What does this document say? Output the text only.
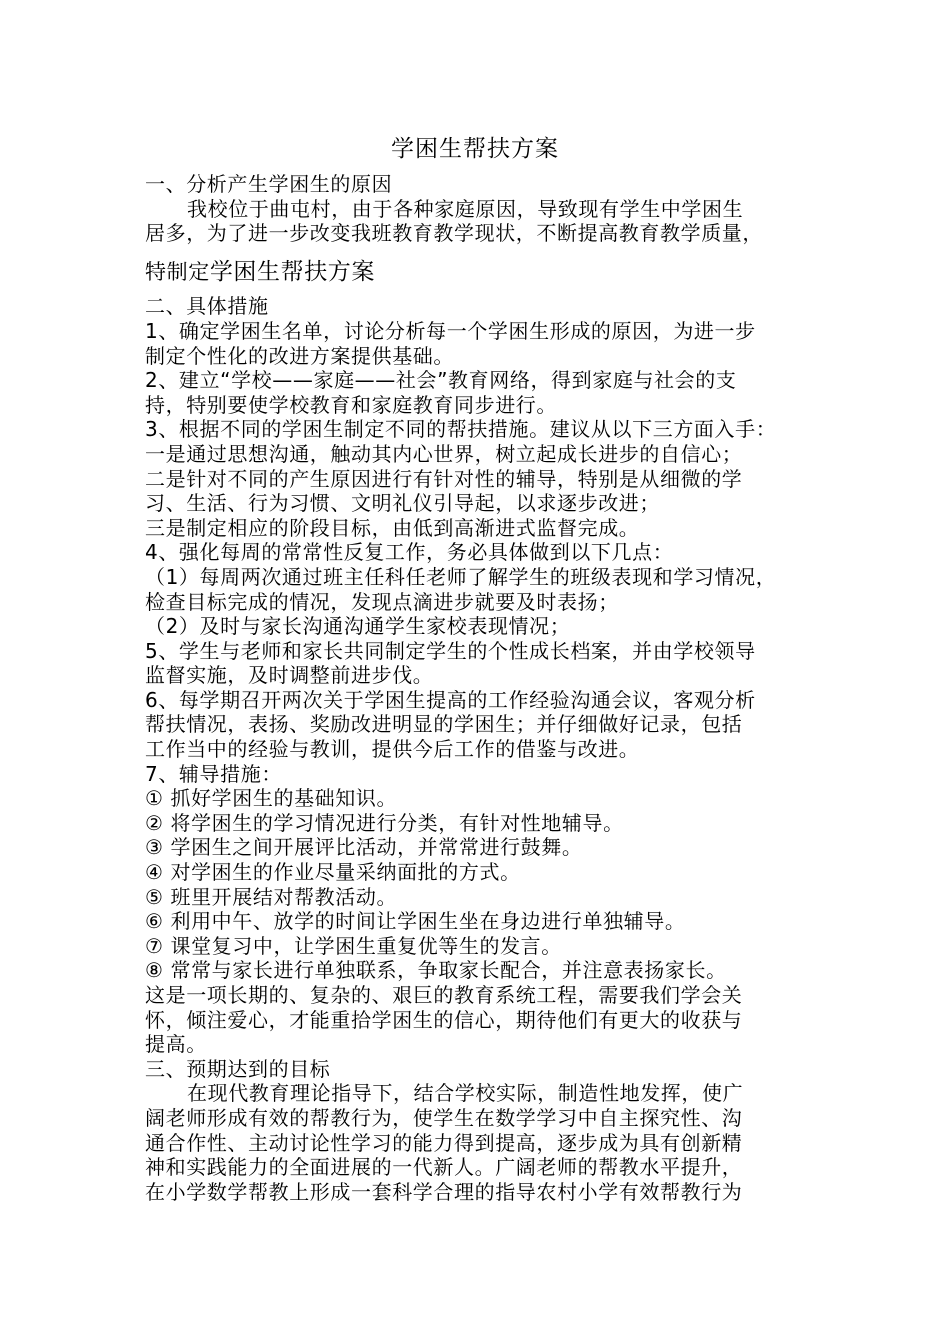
学困生帮扶方案
一、分析产生学困生的原因
我校位于曲屯村，由于各种家庭原因，导致现有学生中学困生
居多，为了进一步改变我班教育教学现状，不断提高教育教学质量，
特制定学困生帮扶方案
二、具体措施
1、确定学困生名单，讨论分析每一个学困生形成的原因，为进一步
制定个性化的改进方案提供基础。
2、建立“学校——家庭——社会”教育网络，得到家庭与社会的支
持，特别要使学校教育和家庭教育同步进行。
3、根据不同的学困生制定不同的帮扶措施。建议从以下三方面入手：
一是通过思想沟通，触动其内心世界，树立起成长进步的自信心；
二是针对不同的产生原因进行有针对性的辅导，特别是从细微的学
习、生活、行为习惯、文明礼仪引导起，以求逐步改进；
三是制定相应的阶段目标，由低到高渐进式监督完成。
4、强化每周的常常性反复工作，务必具体做到以下几点：
（1）每周两次通过班主任科任老师了解学生的班级表现和学习情况，
检查目标完成的情况，发现点滴进步就要及时表扬；
（2）及时与家长沟通沟通学生家校表现情况；
5、学生与老师和家长共同制定学生的个性成长档案，并由学校领导
监督实施，及时调整前进步伐。
6、每学期召开两次关于学困生提高的工作经验沟通会议，客观分析
帮扶情况，表扬、奖励改进明显的学困生；并仔细做好记录，包括
工作当中的经验与教训，提供今后工作的借鉴与改进。
7、辅导措施：
① 抓好学困生的基础知识。
② 将学困生的学习情况进行分类，有针对性地辅导。
③ 学困生之间开展评比活动，并常常进行鼓舞。
④ 对学困生的作业尽量采纳面批的方式。
⑤ 班里开展结对帮教活动。
⑥ 利用中午、放学的时间让学困生坐在身边进行单独辅导。
⑦ 课堂复习中，让学困生重复优等生的发言。
⑧ 常常与家长进行单独联系，争取家长配合，并注意表扬家长。
这是一项长期的、复杂的、艰巨的教育系统工程，需要我们学会关
怀，倾注爱心，才能重拾学困生的信心，期待他们有更大的收获与
提高。
三、预期达到的目标
在现代教育理论指导下，结合学校实际，制造性地发挥，使广
阔老师形成有效的帮教行为，使学生在数学学习中自主探究性、沟
通合作性、主动讨论性学习的能力得到提高，逐步成为具有创新精
神和实践能力的全面进展的一代新人。广阔老师的帮教水平提升，
在小学数学帮教上形成一套科学合理的指导农村小学有效帮教行为
